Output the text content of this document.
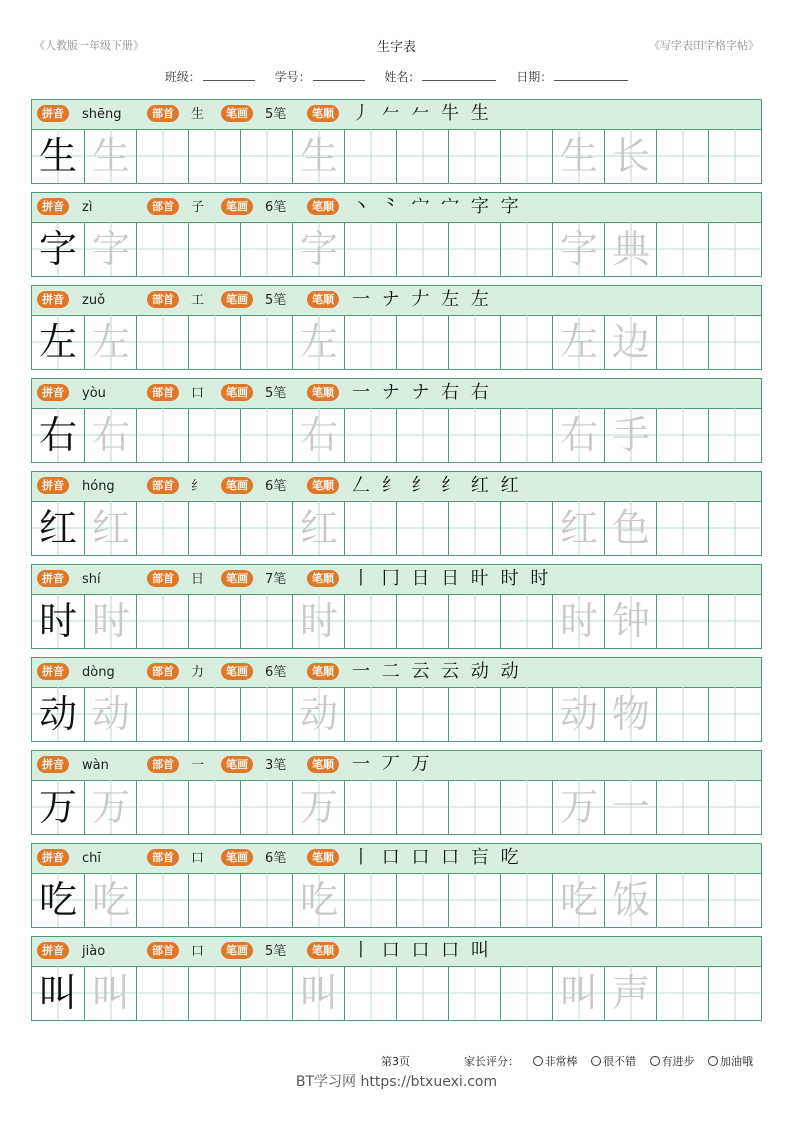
《人教版一年级下册》	生字表	《写字表田字格字帖》
班级：	学号：	姓名：	日期：
拼音	shēng	部首	生	笔画	5笔	笔顺 丿 𠂉 𠂉 牛 生
生 生	生	生 长
拼音	zì	部首	子	笔画	6笔	笔顺 丶 ⺀ 宀 宀 字 字
字 字	字	字 典
拼音	zuǒ	部首	工	笔画	5笔	笔顺 一 ナ 𠂇 左 左
左 左	左	左 边
拼音	yòu	部首	口	笔画	5笔	笔顺 一 ナ ナ 右 右
右 右	右	右 手
拼音	hóng	部首	纟	笔画	6笔	笔顺 𠃋 纟 纟 纟 红 红
红 红	红	红 色
拼音	shí	部首	日	笔画	7笔	笔顺 丨 冂 日 日 旪 时 时
时 时	时	时 钟
拼音	dòng	部首	力	笔画	6笔	笔顺 一 二 云 云 动 动
动 动	动	动 物
拼音	wàn	部首	一	笔画	3笔	笔顺 一 丆 万
万 万	万	万 一
拼音	chī	部首	口	笔画	6笔	笔顺 丨 口 口 口 吂 吃
吃 吃	吃	吃 饭
拼音	jiào	部首	口	笔画	5笔	笔顺 丨 口 口 口 叫
叫 叫	叫	叫 声
第3页	家长评分： 非常棒 很不错 有进步 加油哦
BT学习网 https://btxuexi.com
